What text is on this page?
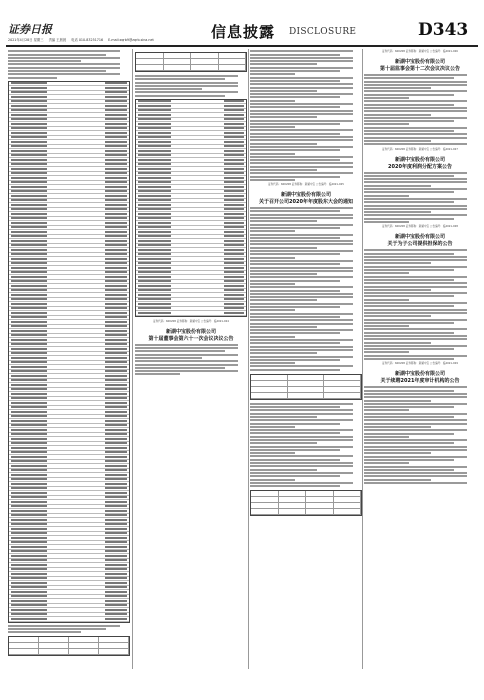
证券日报
2021年4月28日 星期三 责编 王晨晨 电话 010-83251716 E-mail:zqrb9@zqrb.sina.net	信息披露 DISCLOSURE	D343
证券代码：600208 证券简称：新湖中宝 公告编号：临2021-024
新湖中宝股份有限公司
第十届董事会第六十一次会议决议公告
证券代码：600208 证券简称：新湖中宝 公告编号：临2021-025
新湖中宝股份有限公司
关于召开公司2020年年度股东大会的通知
证券代码：600208 证券简称：新湖中宝 公告编号：临2021-026
新湖中宝股份有限公司
第十届监事会第十二次会议决议公告
证券代码：600208 证券简称：新湖中宝 公告编号：临2021-027
新湖中宝股份有限公司
2020年度利润分配方案公告
证券代码：600208 证券简称：新湖中宝 公告编号：临2021-028
新湖中宝股份有限公司
关于为子公司提供担保的公告
证券代码：600208 证券简称：新湖中宝 公告编号：临2021-029
新湖中宝股份有限公司
关于续聘2021年度审计机构的公告
